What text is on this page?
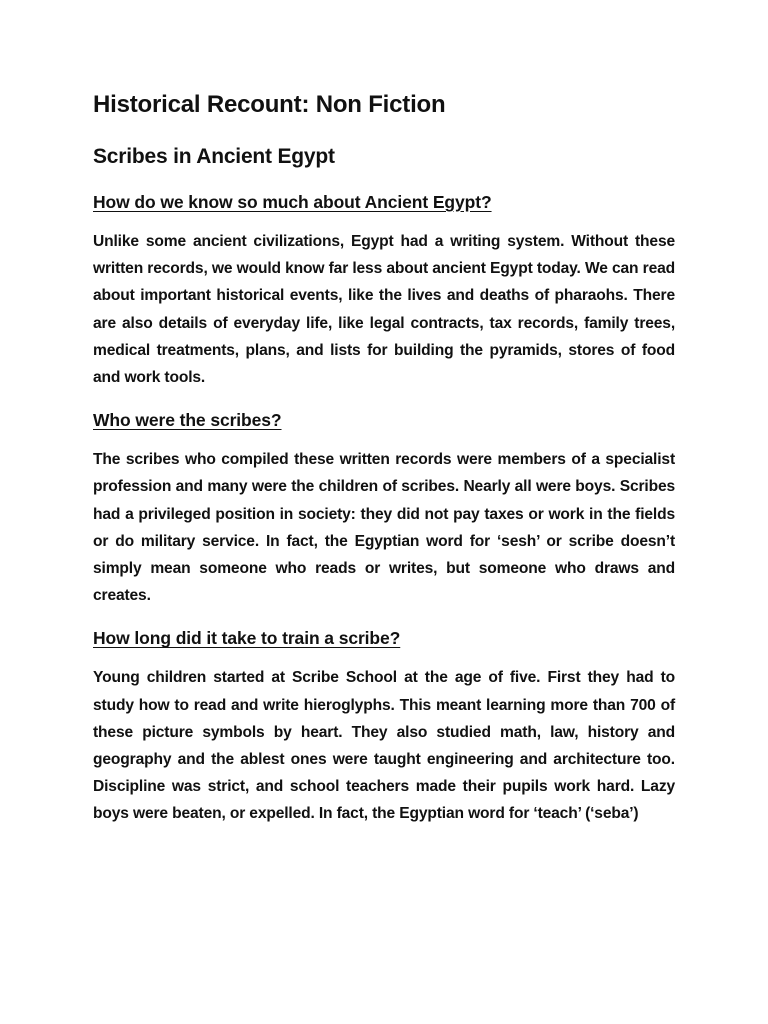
Historical Recount: Non Fiction
Scribes in Ancient Egypt
How do we know so much about Ancient Egypt?

Unlike some ancient civilizations, Egypt had a writing system. Without these written records, we would know far less about ancient Egypt today. We can read about important historical events, like the lives and deaths of pharaohs. There are also details of everyday life, like legal contracts, tax records, family trees, medical treatments, plans, and lists for building the pyramids, stores of food and work tools.

Who were the scribes?

The scribes who compiled these written records were members of a specialist profession and many were the children of scribes. Nearly all were boys. Scribes had a privileged position in society: they did not pay taxes or work in the fields or do military service. In fact, the Egyptian word for ‘sesh’ or scribe doesn’t simply mean someone who reads or writes, but someone who draws and creates.

How long did it take to train a scribe?

Young children started at Scribe School at the age of five. First they had to study how to read and write hieroglyphs. This meant learning more than 700 of these picture symbols by heart. They also studied math, law, history and geography and the ablest ones were taught engineering and architecture too. Discipline was strict, and school teachers made their pupils work hard. Lazy boys were beaten, or expelled. In fact, the Egyptian word for ‘teach’ (‘seba’)
